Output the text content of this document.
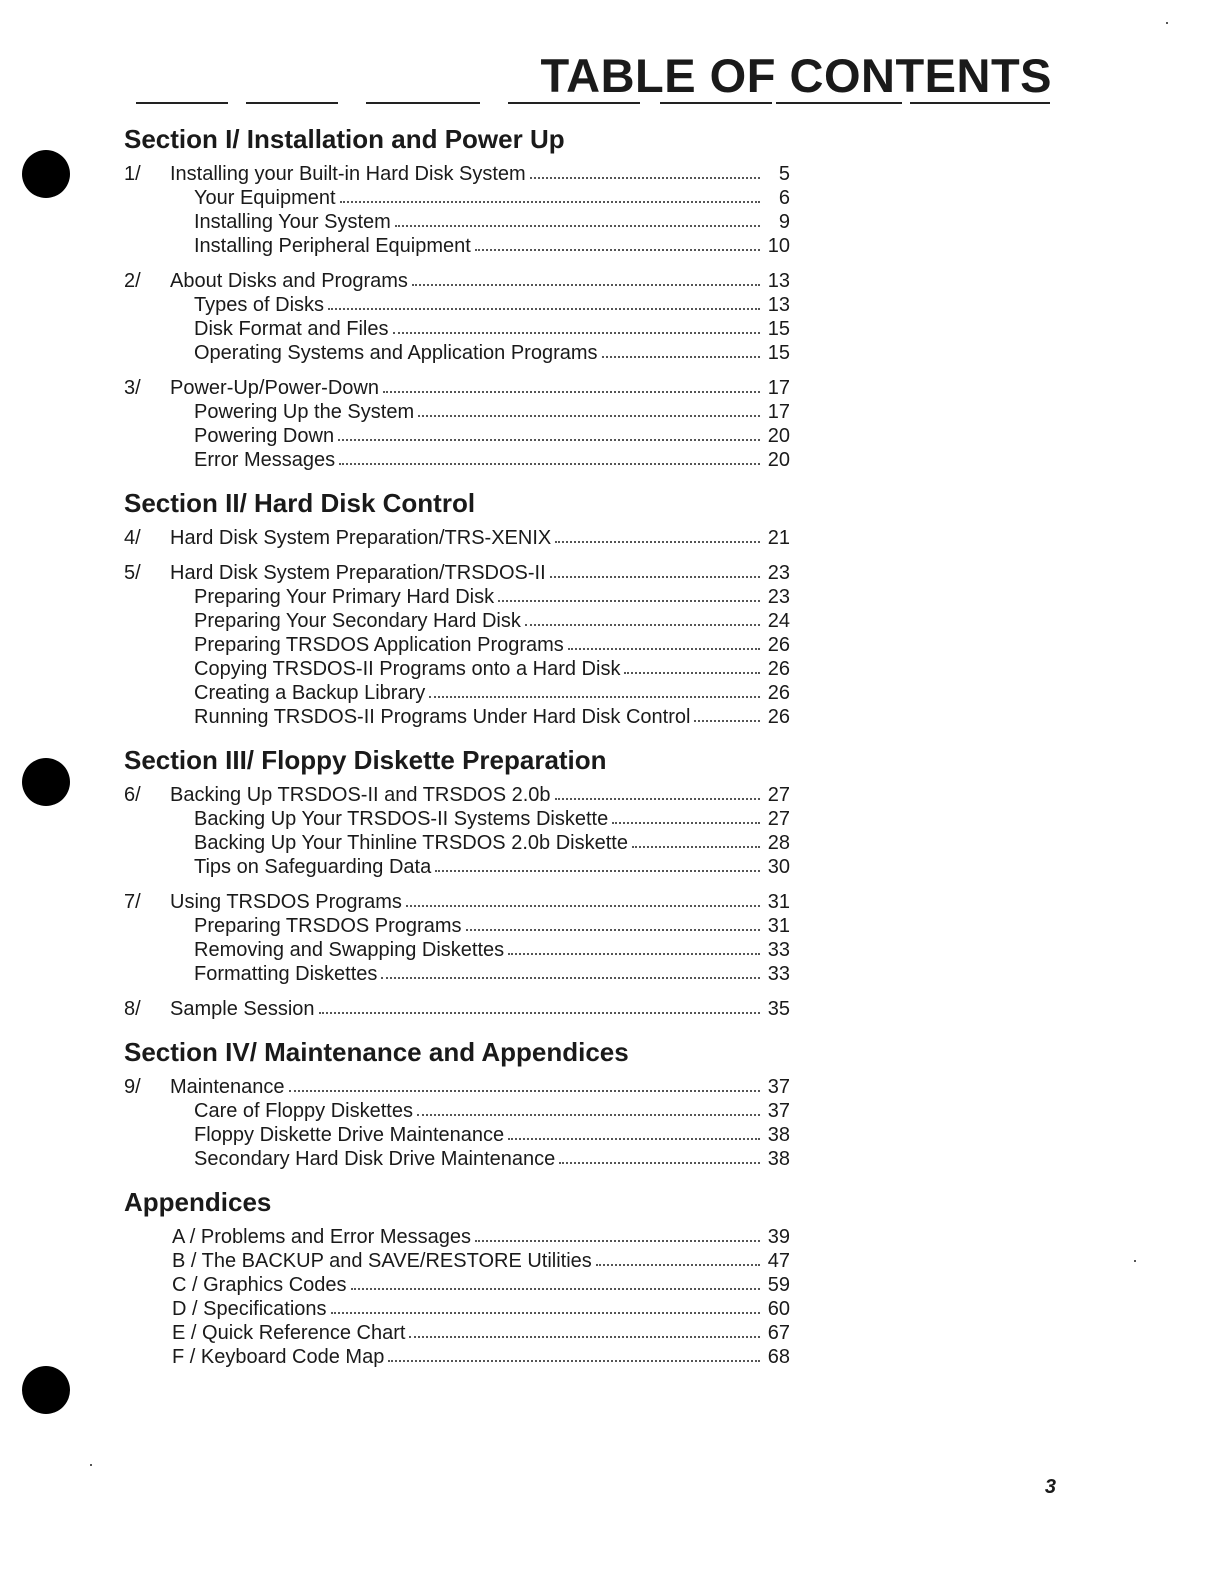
TABLE OF CONTENTS
Section I/ Installation and Power Up
1/	Installing your Built-in Hard Disk System	5
Your Equipment	6
Installing Your System	9
Installing Peripheral Equipment	10
2/	About Disks and Programs	13
Types of Disks	13
Disk Format and Files	15
Operating Systems and Application Programs	15
3/	Power-Up/Power-Down	17
Powering Up the System	17
Powering Down	20
Error Messages	20
Section II/ Hard Disk Control
4/	Hard Disk System Preparation/TRS-XENIX	21
5/	Hard Disk System Preparation/TRSDOS-II	23
Preparing Your Primary Hard Disk	23
Preparing Your Secondary Hard Disk	24
Preparing TRSDOS Application Programs	26
Copying TRSDOS-II Programs onto a Hard Disk	26
Creating a Backup Library	26
Running TRSDOS-II Programs Under Hard Disk Control	26
Section III/ Floppy Diskette Preparation
6/	Backing Up TRSDOS-II and TRSDOS 2.0b	27
Backing Up Your TRSDOS-II Systems Diskette	27
Backing Up Your Thinline TRSDOS 2.0b Diskette	28
Tips on Safeguarding Data	30
7/	Using TRSDOS Programs	31
Preparing TRSDOS Programs	31
Removing and Swapping Diskettes	33
Formatting Diskettes	33
8/	Sample Session	35
Section IV/ Maintenance and Appendices
9/	Maintenance	37
Care of Floppy Diskettes	37
Floppy Diskette Drive Maintenance	38
Secondary Hard Disk Drive Maintenance	38
Appendices
A / Problems and Error Messages	39
B / The BACKUP and SAVE/RESTORE Utilities	47
C / Graphics Codes	59
D / Specifications	60
E / Quick Reference Chart	67
F / Keyboard Code Map	68

3
